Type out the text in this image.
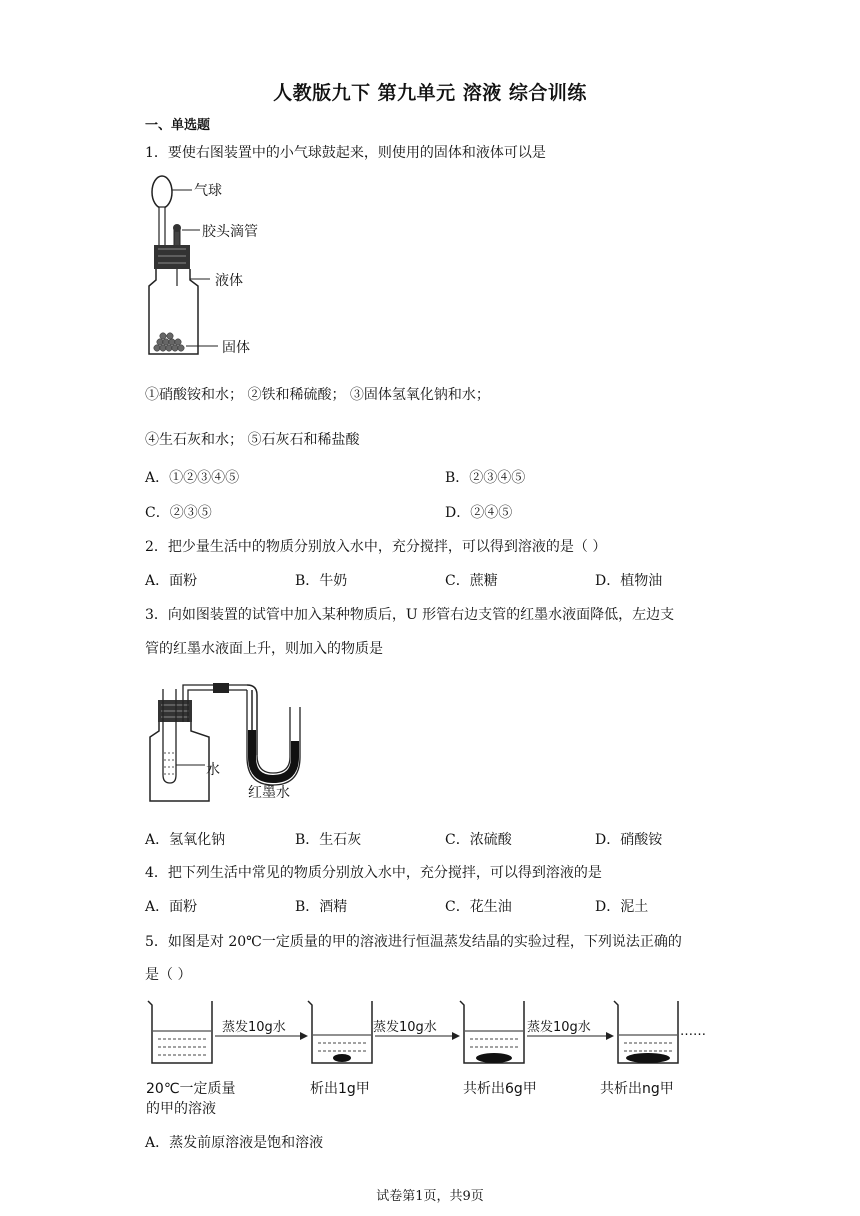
人教版九下 第九单元 溶液 综合训练
一、单选题
1．要使右图装置中的小气球鼓起来，则使用的固体和液体可以是
气球
胶头滴管
液体
固体
①硝酸铵和水； ②铁和稀硫酸； ③固体氢氧化钠和水；
④生石灰和水； ⑤石灰石和稀盐酸
A．①②③④⑤	B．②③④⑤
C．②③⑤	D．②④⑤
2．把少量生活中的物质分别放入水中，充分搅拌，可以得到溶液的是（ ）
A．面粉	B．牛奶	C．蔗糖	D．植物油
3．向如图装置的试管中加入某种物质后，U 形管右边支管的红墨水液面降低，左边支
管的红墨水液面上升，则加入的物质是
水
红墨水
A．氢氧化钠	B．生石灰	C．浓硫酸	D．硝酸铵
4．把下列生活中常见的物质分别放入水中，充分搅拌，可以得到溶液的是
A．面粉	B．酒精	C．花生油	D．泥土
5．如图是对 20℃一定质量的甲的溶液进行恒温蒸发结晶的实验过程，下列说法正确的
是（ ）
蒸发10g水	蒸发10g水	蒸发10g水	……
20℃一定质量
的甲的溶液
析出1g甲	共析出6g甲	共析出ng甲
A．蒸发前原溶液是饱和溶液
试卷第1页，共9页
